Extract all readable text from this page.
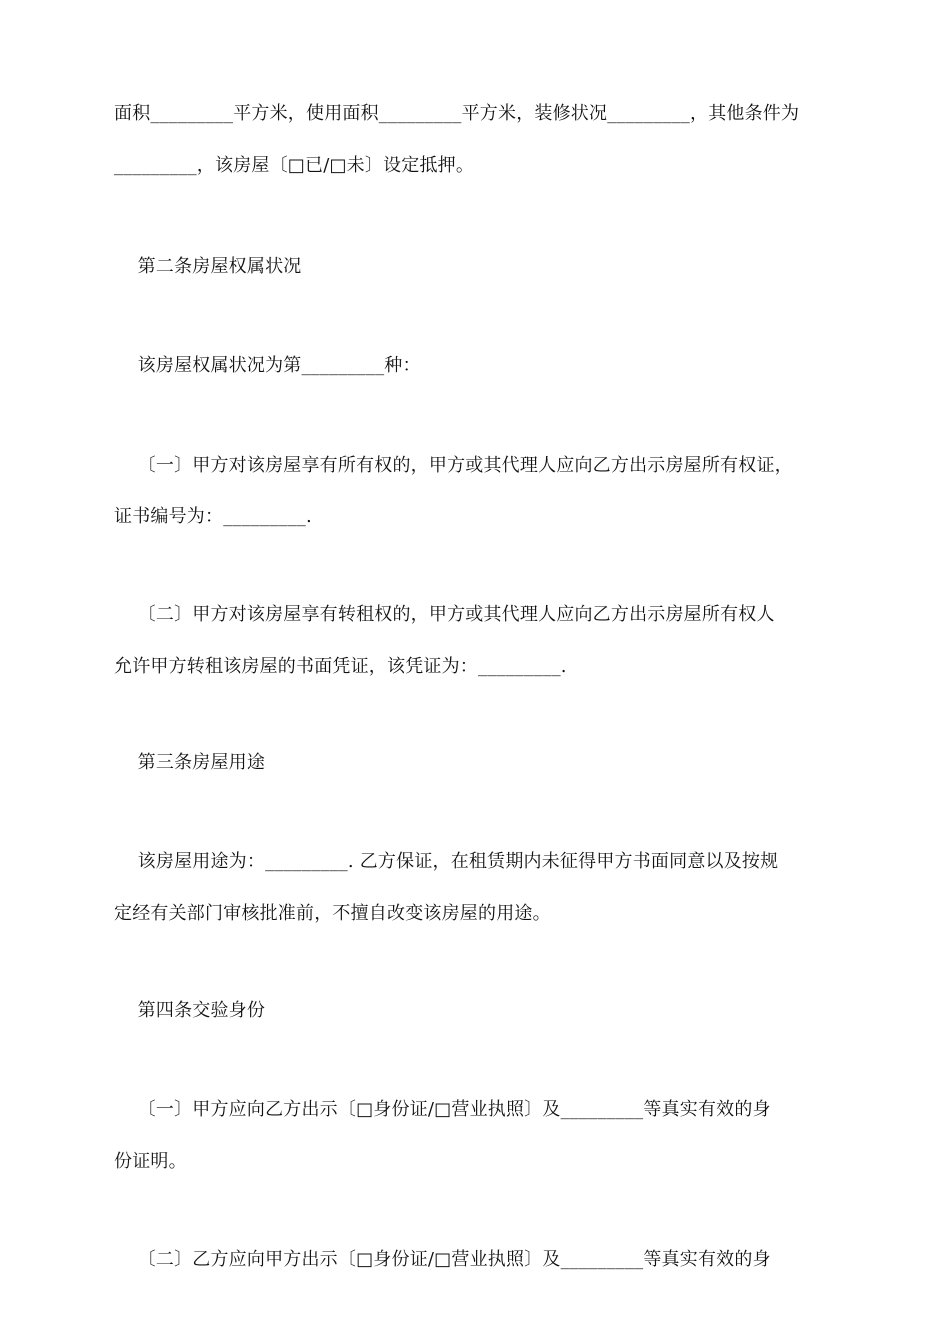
面积_________平方米，使用面积_________平方米，装修状况_________，其他条件为
_________，该房屋〔□已/□未〕设定抵押。
第二条房屋权属状况
该房屋权属状况为第_________种：
〔一〕甲方对该房屋享有所有权的，甲方或其代理人应向乙方出示房屋所有权证，
证书编号为：_________.
〔二〕甲方对该房屋享有转租权的，甲方或其代理人应向乙方出示房屋所有权人
允许甲方转租该房屋的书面凭证，该凭证为：_________.
第三条房屋用途
该房屋用途为：_________. 乙方保证，在租赁期内未征得甲方书面同意以及按规
定经有关部门审核批准前，不擅自改变该房屋的用途。
第四条交验身份
〔一〕甲方应向乙方出示〔□身份证/□营业执照〕及_________等真实有效的身
份证明。
〔二〕乙方应向甲方出示〔□身份证/□营业执照〕及_________等真实有效的身
